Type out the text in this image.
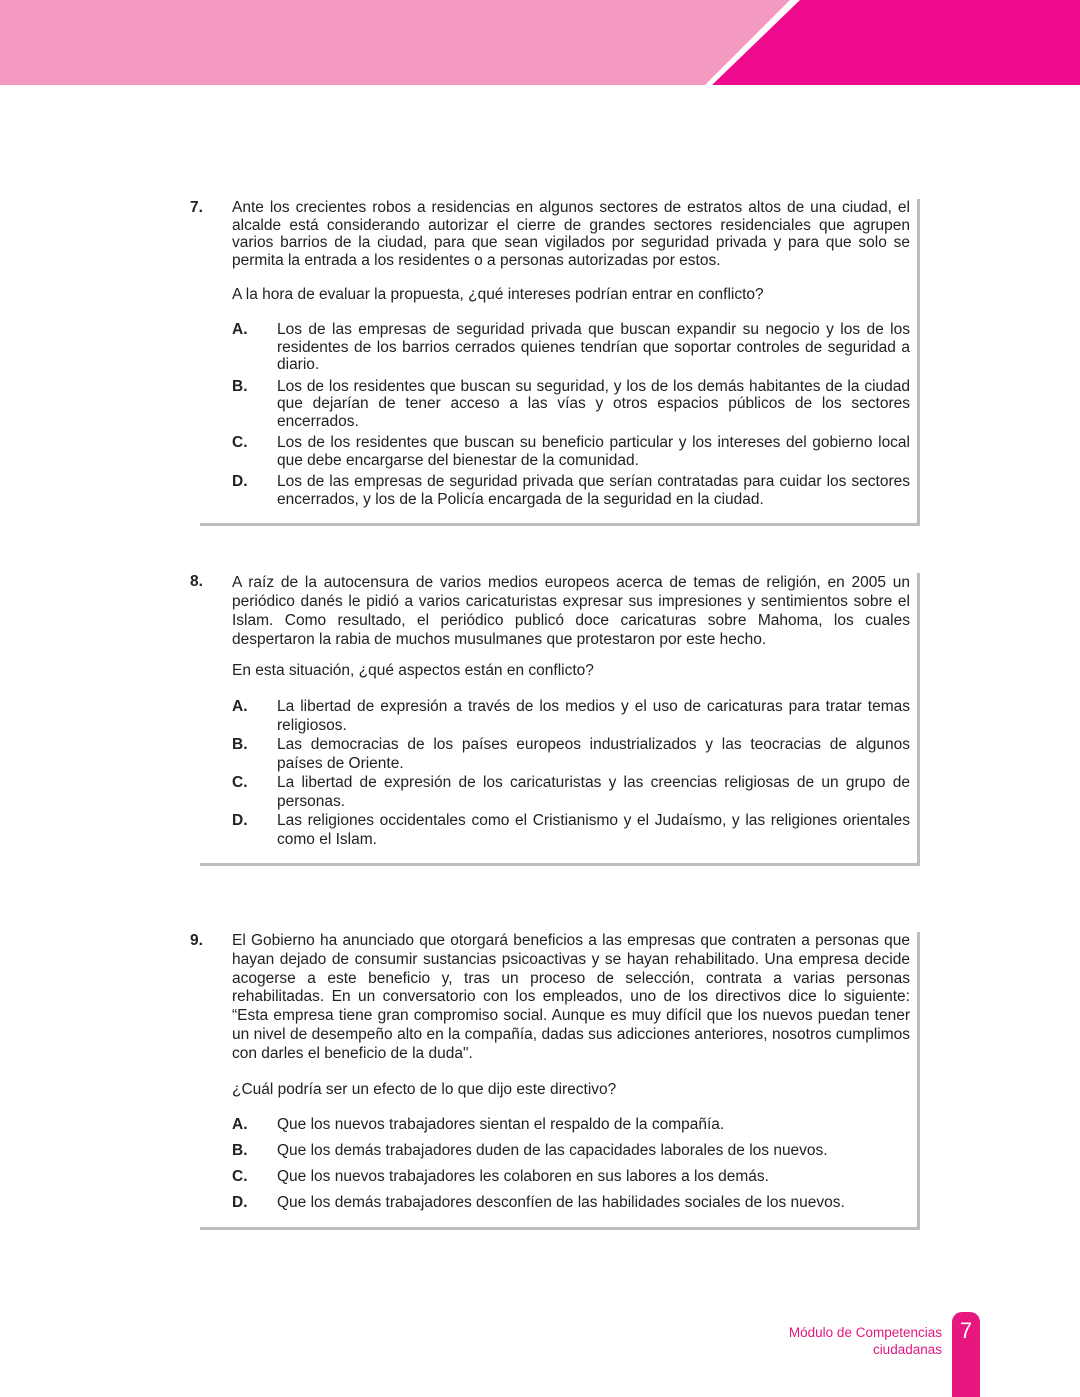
7. Ante los crecientes robos a residencias en algunos sectores de estratos altos de una ciudad, el alcalde está considerando autorizar el cierre de grandes sectores residenciales que agrupen varios barrios de la ciudad, para que sean vigilados por seguridad privada y para que solo se permita la entrada a los residentes o a personas autorizadas por estos.
A la hora de evaluar la propuesta, ¿qué intereses podrían entrar en conflicto?
A. Los de las empresas de seguridad privada que buscan expandir su negocio y los de los residentes de los barrios cerrados quienes tendrían que soportar controles de seguridad a diario.
B. Los de los residentes que buscan su seguridad, y los de los demás habitantes de la ciudad que dejarían de tener acceso a las vías y otros espacios públicos de los sectores encerrados.
C. Los de los residentes que buscan su beneficio particular y los intereses del gobierno local que debe encargarse del bienestar de la comunidad.
D. Los de las empresas de seguridad privada que serían contratadas para cuidar los sectores encerrados, y los de la Policía encargada de la seguridad en la ciudad.
8. A raíz de la autocensura de varios medios europeos acerca de temas de religión, en 2005 un periódico danés le pidió a varios caricaturistas expresar sus impresiones y sentimientos sobre el Islam. Como resultado, el periódico publicó doce caricaturas sobre Mahoma, los cuales despertaron la rabia de muchos musulmanes que protestaron por este hecho.
En esta situación, ¿qué aspectos están en conflicto?
A. La libertad de expresión a través de los medios y el uso de caricaturas para tratar temas religiosos.
B. Las democracias de los países europeos industrializados y las teocracias de algunos países de Oriente.
C. La libertad de expresión de los caricaturistas y las creencias religiosas de un grupo de personas.
D. Las religiones occidentales como el Cristianismo y el Judaísmo, y las religiones orientales como el Islam.
9. El Gobierno ha anunciado que otorgará beneficios a las empresas que contraten a personas que hayan dejado de consumir sustancias psicoactivas y se hayan rehabilitado. Una empresa decide acogerse a este beneficio y, tras un proceso de selección, contrata a varias personas rehabilitadas. En un conversatorio con los empleados, uno de los directivos dice lo siguiente: “Esta empresa tiene gran compromiso social. Aunque es muy difícil que los nuevos puedan tener un nivel de desempeño alto en la compañía, dadas sus adicciones anteriores, nosotros cumplimos con darles el beneficio de la duda".
¿Cuál podría ser un efecto de lo que dijo este directivo?
A. Que los nuevos trabajadores sientan el respaldo de la compañía.
B. Que los demás trabajadores duden de las capacidades laborales de los nuevos.
C. Que los nuevos trabajadores les colaboren en sus labores a los demás.
D. Que los demás trabajadores desconfíen de las habilidades sociales de los nuevos.
Módulo de Competencias
ciudadanas
7
